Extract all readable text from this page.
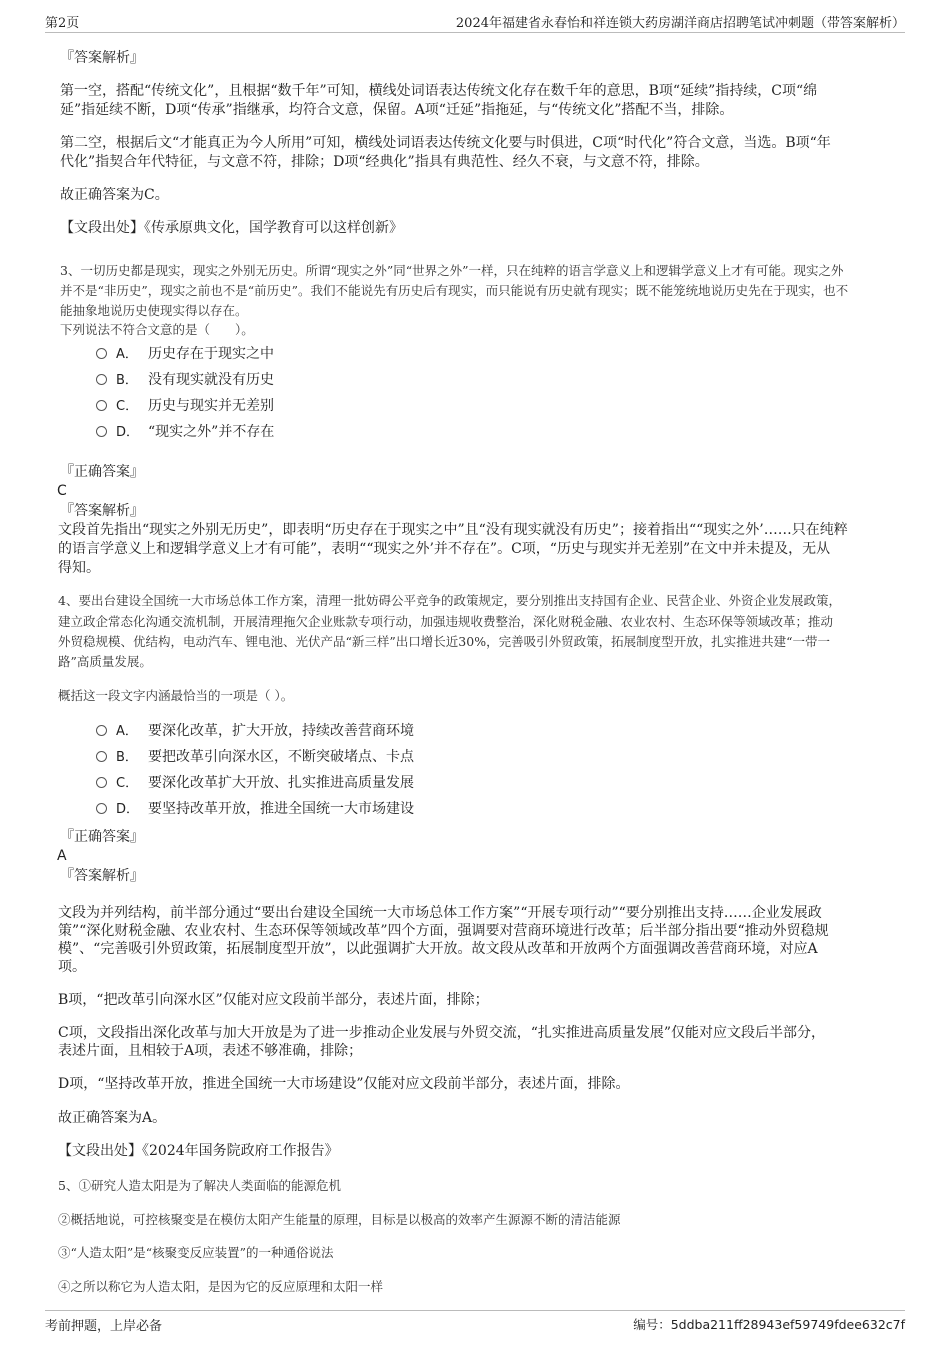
第2页	2024年福建省永春怡和祥连锁大药房湖洋商店招聘笔试冲刺题（带答案解析）
『答案解析』
第一空，搭配“传统文化”，且根据“数千年”可知，横线处词语表达传统文化存在数千年的意思，B项“延续”指持续，C项“绵
延”指延续不断，D项“传承”指继承，均符合文意，保留。A项“迁延”指拖延，与“传统文化”搭配不当，排除。
第二空，根据后文“才能真正为今人所用”可知，横线处词语表达传统文化要与时俱进，C项“时代化”符合文意，当选。B项“年
代化”指契合年代特征，与文意不符，排除；D项“经典化”指具有典范性、经久不衰，与文意不符，排除。
故正确答案为C。
【文段出处】《传承原典文化，国学教育可以这样创新》
3、一切历史都是现实，现实之外别无历史。所谓“现实之外”同“世界之外”一样，只在纯粹的语言学意义上和逻辑学意义上才有可能。现实之外
并不是“非历史”，现实之前也不是“前历史”。我们不能说先有历史后有现实，而只能说有历史就有现实；既不能笼统地说历史先在于现实，也不
能抽象地说历史使现实得以存在。
下列说法不符合文意的是（　　）。
A． 历史存在于现实之中
B． 没有现实就没有历史
C． 历史与现实并无差别
D． “现实之外”并不存在
『正确答案』
C
『答案解析』
文段首先指出“现实之外别无历史”，即表明“历史存在于现实之中”且“没有现实就没有历史”；接着指出““现实之外’……只在纯粹
的语言学意义上和逻辑学意义上才有可能”，表明““现实之外’并不存在”。C项，“历史与现实并无差别”在文中并未提及，无从
得知。
4、要出台建设全国统一大市场总体工作方案，清理一批妨碍公平竞争的政策规定，要分别推出支持国有企业、民营企业、外资企业发展政策，
建立政企常态化沟通交流机制，开展清理拖欠企业账款专项行动，加强违规收费整治，深化财税金融、农业农村、生态环保等领域改革；推动
外贸稳规模、优结构，电动汽车、锂电池、光伏产品“新三样”出口增长近30%，完善吸引外贸政策，拓展制度型开放，扎实推进共建“一带一
路”高质量发展。
概括这一段文字内涵最恰当的一项是（ ）。
A． 要深化改革，扩大开放，持续改善营商环境
B． 要把改革引向深水区，不断突破堵点、卡点
C． 要深化改革扩大开放、扎实推进高质量发展
D． 要坚持改革开放，推进全国统一大市场建设
『正确答案』
A
『答案解析』
文段为并列结构，前半部分通过“要出台建设全国统一大市场总体工作方案”“开展专项行动”“要分别推出支持……企业发展政
策”“深化财税金融、农业农村、生态环保等领域改革”四个方面，强调要对营商环境进行改革；后半部分指出要“推动外贸稳规
模”、“完善吸引外贸政策，拓展制度型开放”，以此强调扩大开放。故文段从改革和开放两个方面强调改善营商环境，对应A
项。
B项，“把改革引向深水区”仅能对应文段前半部分，表述片面，排除；
C项，文段指出深化改革与加大开放是为了进一步推动企业发展与外贸交流，“扎实推进高质量发展”仅能对应文段后半部分，
表述片面，且相较于A项，表述不够准确，排除；
D项，“坚持改革开放，推进全国统一大市场建设”仅能对应文段前半部分，表述片面，排除。
故正确答案为A。
【文段出处】《2024年国务院政府工作报告》
5、①研究人造太阳是为了解决人类面临的能源危机
②概括地说，可控核聚变是在模仿太阳产生能量的原理，目标是以极高的效率产生源源不断的清洁能源
③“人造太阳”是“核聚变反应装置”的一种通俗说法
④之所以称它为人造太阳，是因为它的反应原理和太阳一样
考前押题，上岸必备	编号：5ddba211ff28943ef59749fdee632c7f
